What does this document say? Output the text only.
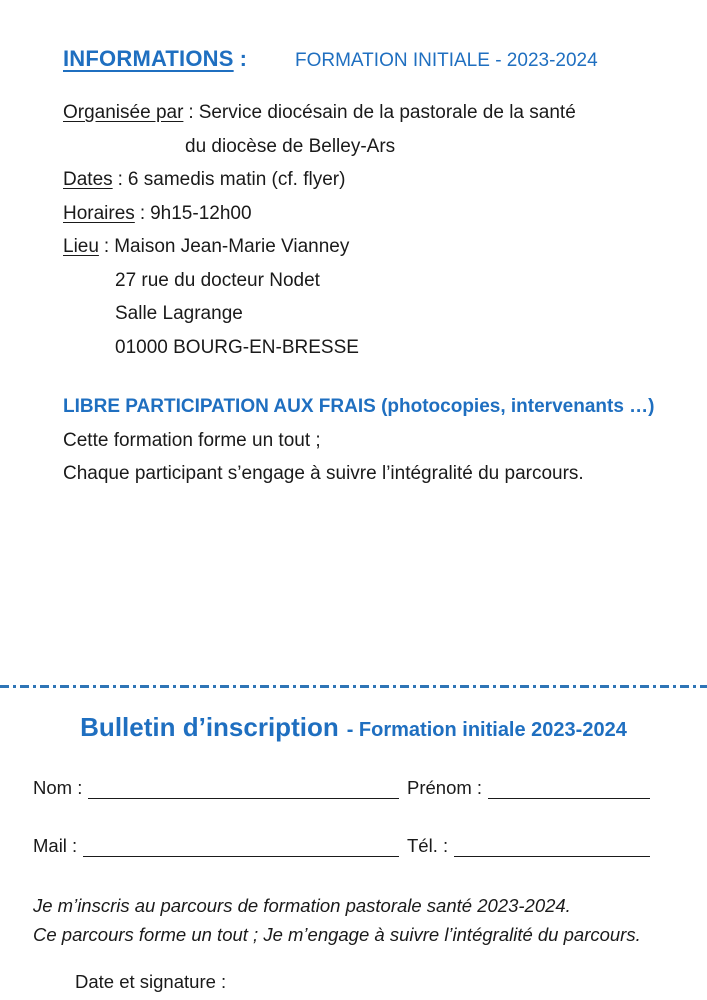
INFORMATIONS :	FORMATION INITIALE - 2023-2024
Organisée par : Service diocésain de la pastorale de la santé
du diocèse de Belley-Ars
Dates : 6 samedis matin (cf. flyer)
Horaires : 9h15-12h00
Lieu : Maison Jean-Marie Vianney
27 rue du docteur Nodet
Salle Lagrange
01000 BOURG-EN-BRESSE
LIBRE PARTICIPATION AUX FRAIS (photocopies, intervenants …)
Cette formation forme un tout ;
Chaque participant s’engage à suivre l’intégralité du parcours.
Bulletin d’inscription - Formation initiale 2023-2024
Nom :	Prénom :
Mail :	Tél. :
Je m’inscris au parcours de formation pastorale santé 2023-2024.
Ce parcours forme un tout ; Je m’engage à suivre l’intégralité du parcours.
Date et signature :
